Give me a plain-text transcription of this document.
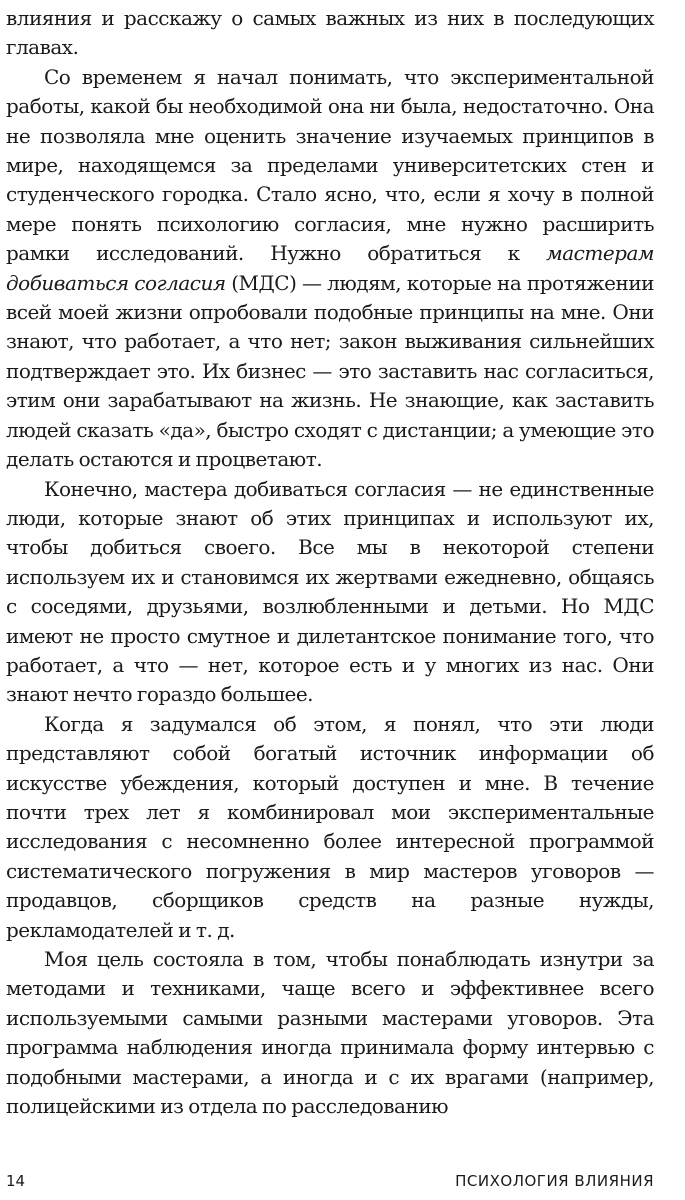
влияния и расскажу о самых важных из них в последующих главах.

Со временем я начал понимать, что экспериментальной работы, какой бы необходимой она ни была, недостаточно. Она не позволяла мне оценить значение изучаемых принципов в мире, находящемся за пределами университетских стен и студенческого городка. Стало ясно, что, если я хочу в полной мере понять психологию согласия, мне нужно расширить рамки исследований. Нужно обратиться к мастерам добиваться согласия (МДС) — людям, которые на протяжении всей моей жизни опробовали подобные принципы на мне. Они знают, что работает, а что нет; закон выживания сильнейших подтверждает это. Их бизнес — это заставить нас согласиться, этим они зарабатывают на жизнь. Не знающие, как заставить людей сказать «да», быстро сходят с дистанции; а умеющие это делать остаются и процветают.

Конечно, мастера добиваться согласия — не единственные люди, которые знают об этих принципах и используют их, чтобы добиться своего. Все мы в некоторой степени используем их и становимся их жертвами ежедневно, общаясь с соседями, друзьями, возлюбленными и детьми. Но МДС имеют не просто смутное и дилетантское понимание того, что работает, а что — нет, которое есть и у многих из нас. Они знают нечто гораздо большее.

Когда я задумался об этом, я понял, что эти люди представляют собой богатый источник информации об искусстве убеждения, который доступен и мне. В течение почти трех лет я комбинировал мои экспериментальные исследования с несомненно более интересной программой систематического погружения в мир мастеров уговоров — продавцов, сборщиков средств на разные нужды, рекламодателей и т. д.

Моя цель состояла в том, чтобы понаблюдать изнутри за методами и техниками, чаще всего и эффективнее всего используемыми самыми разными мастерами уговоров. Эта программа наблюдения иногда принимала форму интервью с подобными мастерами, а иногда и с их врагами (например, полицейскими из отдела по расследованию

14	ПСИХОЛОГИЯ ВЛИЯНИЯ
